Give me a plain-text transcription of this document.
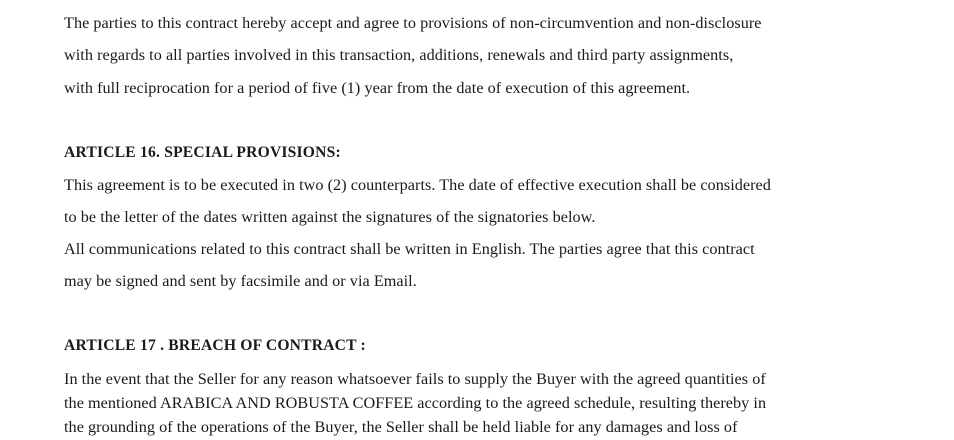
The parties to this contract hereby accept and agree to provisions of non-circumvention and non-disclosure
with regards to all parties involved in this transaction, additions, renewals and third party assignments,
with full reciprocation for a period of five (1) year from the date of execution of this agreement.
ARTICLE 16. SPECIAL PROVISIONS:
This agreement is to be executed in two (2) counterparts. The date of effective execution shall be considered
to be the letter of the dates written against the signatures of the signatories below.
All communications related to this contract shall be written in English. The parties agree that this contract
may be signed and sent by facsimile and or via Email.
ARTICLE 17 . BREACH OF CONTRACT :
In the event that the Seller for any reason whatsoever fails to supply the Buyer with the agreed quantities of
the mentioned ARABICA AND ROBUSTA COFFEE according to the agreed schedule, resulting thereby in
the grounding of the operations of the Buyer, the Seller shall be held liable for any damages and loss of
